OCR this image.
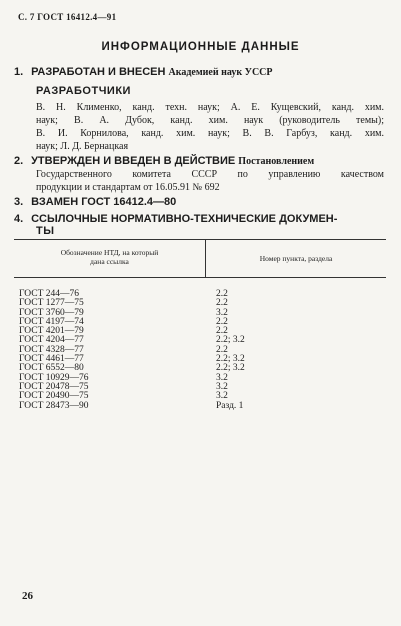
С. 7 ГОСТ 16412.4—91
ИНФОРМАЦИОННЫЕ ДАННЫЕ
1. РАЗРАБОТАН И ВНЕСЕН Академией наук УССР
РАЗРАБОТЧИКИ
В. Н. Клименко, канд. техн. наук; А. Е. Кущевский, канд. хим.
наук; В. А. Дубок, канд. хим. наук (руководитель темы);
В. И. Корнилова, канд. хим. наук; В. В. Гарбуз, канд. хим.
наук; Л. Д. Бернацкая
2. УТВЕРЖДЕН И ВВЕДЕН В ДЕЙСТВИЕ Постановлением
Государственного комитета СССР по управлению качеством
продукции и стандартам от 16.05.91 № 692
3. ВЗАМЕН ГОСТ 16412.4—80
4. ССЫЛОЧНЫЕ НОРМАТИВНО-ТЕХНИЧЕСКИЕ ДОКУМЕН-
ТЫ
Обозначение НТД, на который
дана ссылка	Номер пункта, раздела
ГОСТ 244—76	2.2
ГОСТ 1277—75	2.2
ГОСТ 3760—79	3.2
ГОСТ 4197—74	2.2
ГОСТ 4201—79	2.2
ГОСТ 4204—77	2.2; 3.2
ГОСТ 4328—77	2.2
ГОСТ 4461—77	2.2; 3.2
ГОСТ 6552—80	2.2; 3.2
ГОСТ 10929—76	3.2
ГОСТ 20478—75	3.2
ГОСТ 20490—75	3.2
ГОСТ 28473—90	Разд. 1
26
